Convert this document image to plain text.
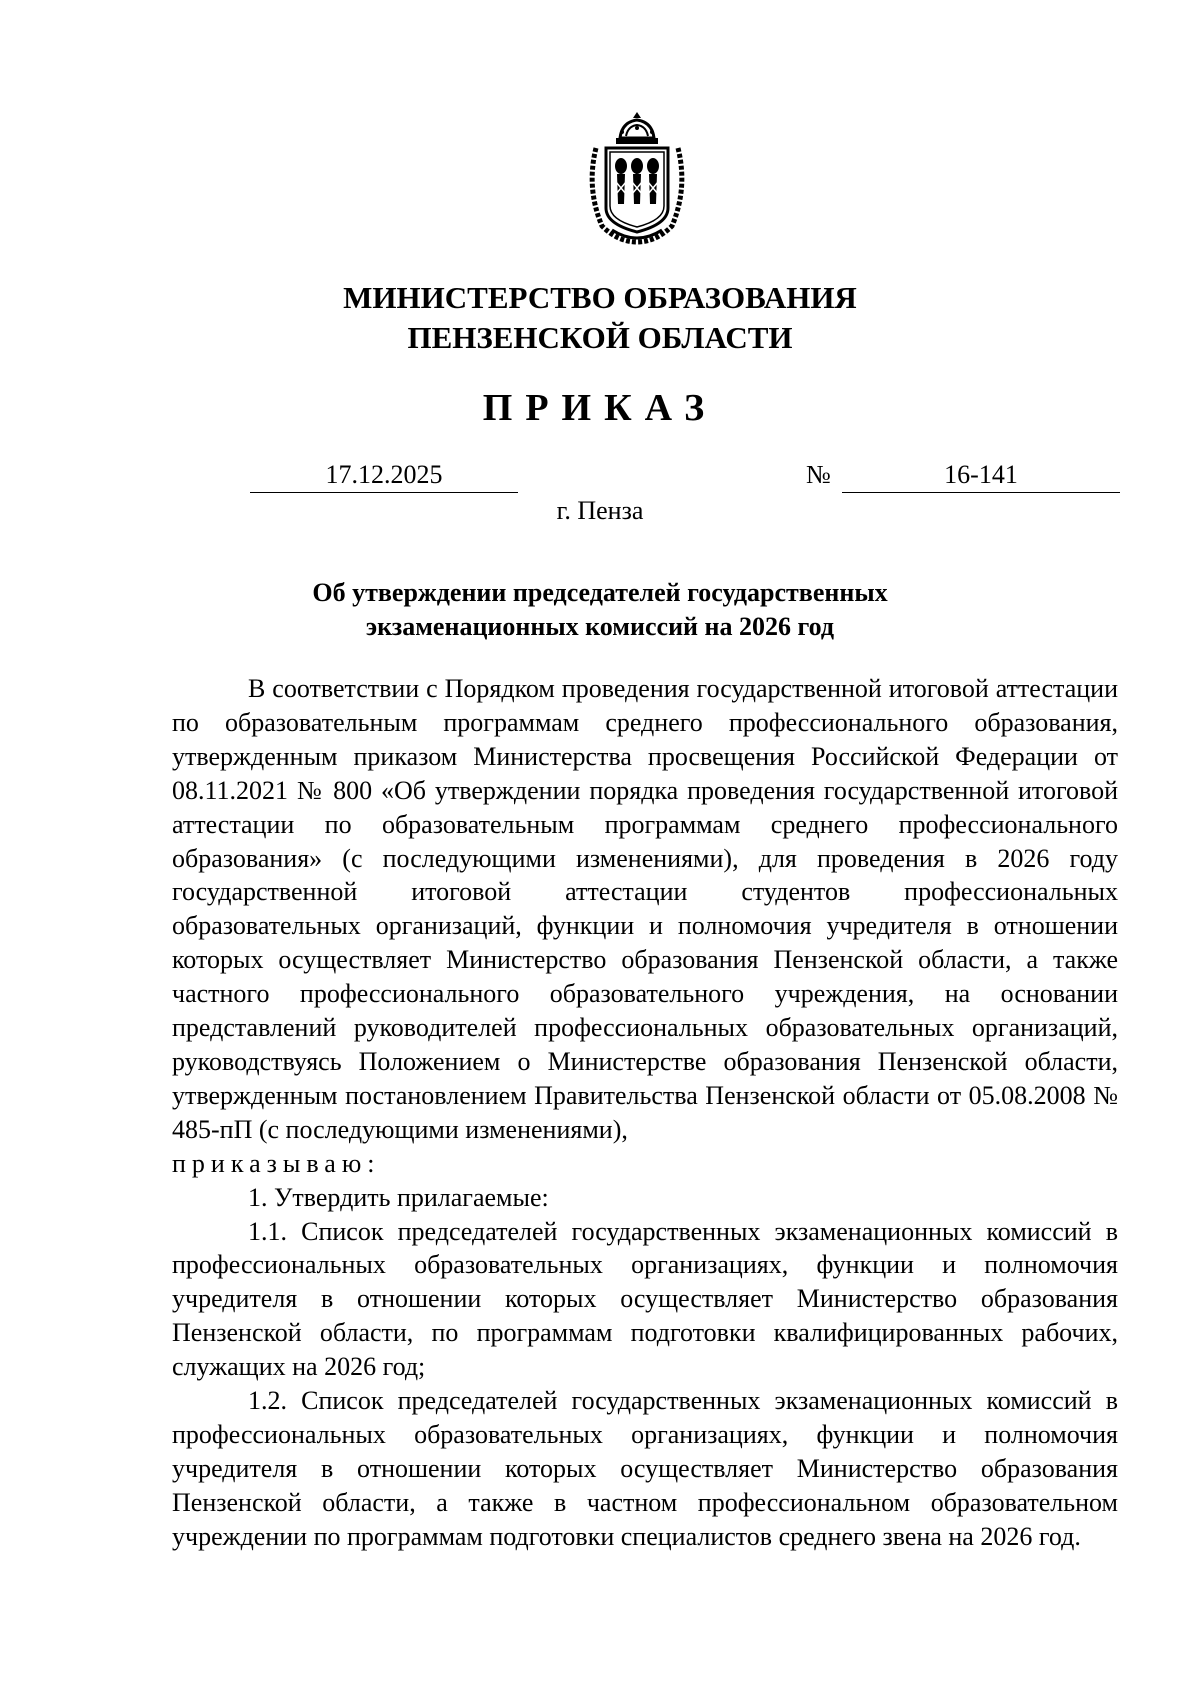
МИНИСТЕРСТВО ОБРАЗОВАНИЯ
ПЕНЗЕНСКОЙ ОБЛАСТИ
ПРИКАЗ
17.12.2025	№	16-141
г. Пенза
Об утверждении председателей государственных
экзаменационных комиссий на 2026 год

В соответствии с Порядком проведения государственной итоговой аттестации по образовательным программам среднего профессионального образования, утвержденным приказом Министерства просвещения Российской Федерации от 08.11.2021 № 800 «Об утверждении порядка проведения государственной итоговой аттестации по образовательным программам среднего профессионального образования» (с последующими изменениями), для проведения в 2026 году государственной итоговой аттестации студентов профессиональных образовательных организаций, функции и полномочия учредителя в отношении которых осуществляет Министерство образования Пензенской области, а также частного профессионального образовательного учреждения, на основании представлений руководителей профессиональных образовательных организаций, руководствуясь Положением о Министерстве образования Пензенской области, утвержденным постановлением Правительства Пензенской области от 05.08.2008 № 485-пП (с последующими изменениями),

приказываю:

1. Утвердить прилагаемые:

1.1. Список председателей государственных экзаменационных комиссий в профессиональных образовательных организациях, функции и полномочия учредителя в отношении которых осуществляет Министерство образования Пензенской области, по программам подготовки квалифицированных рабочих, служащих на 2026 год;

1.2. Список председателей государственных экзаменационных комиссий в профессиональных образовательных организациях, функции и полномочия учредителя в отношении которых осуществляет Министерство образования Пензенской области, а также в частном профессиональном образовательном учреждении по программам подготовки специалистов среднего звена на 2026 год.
